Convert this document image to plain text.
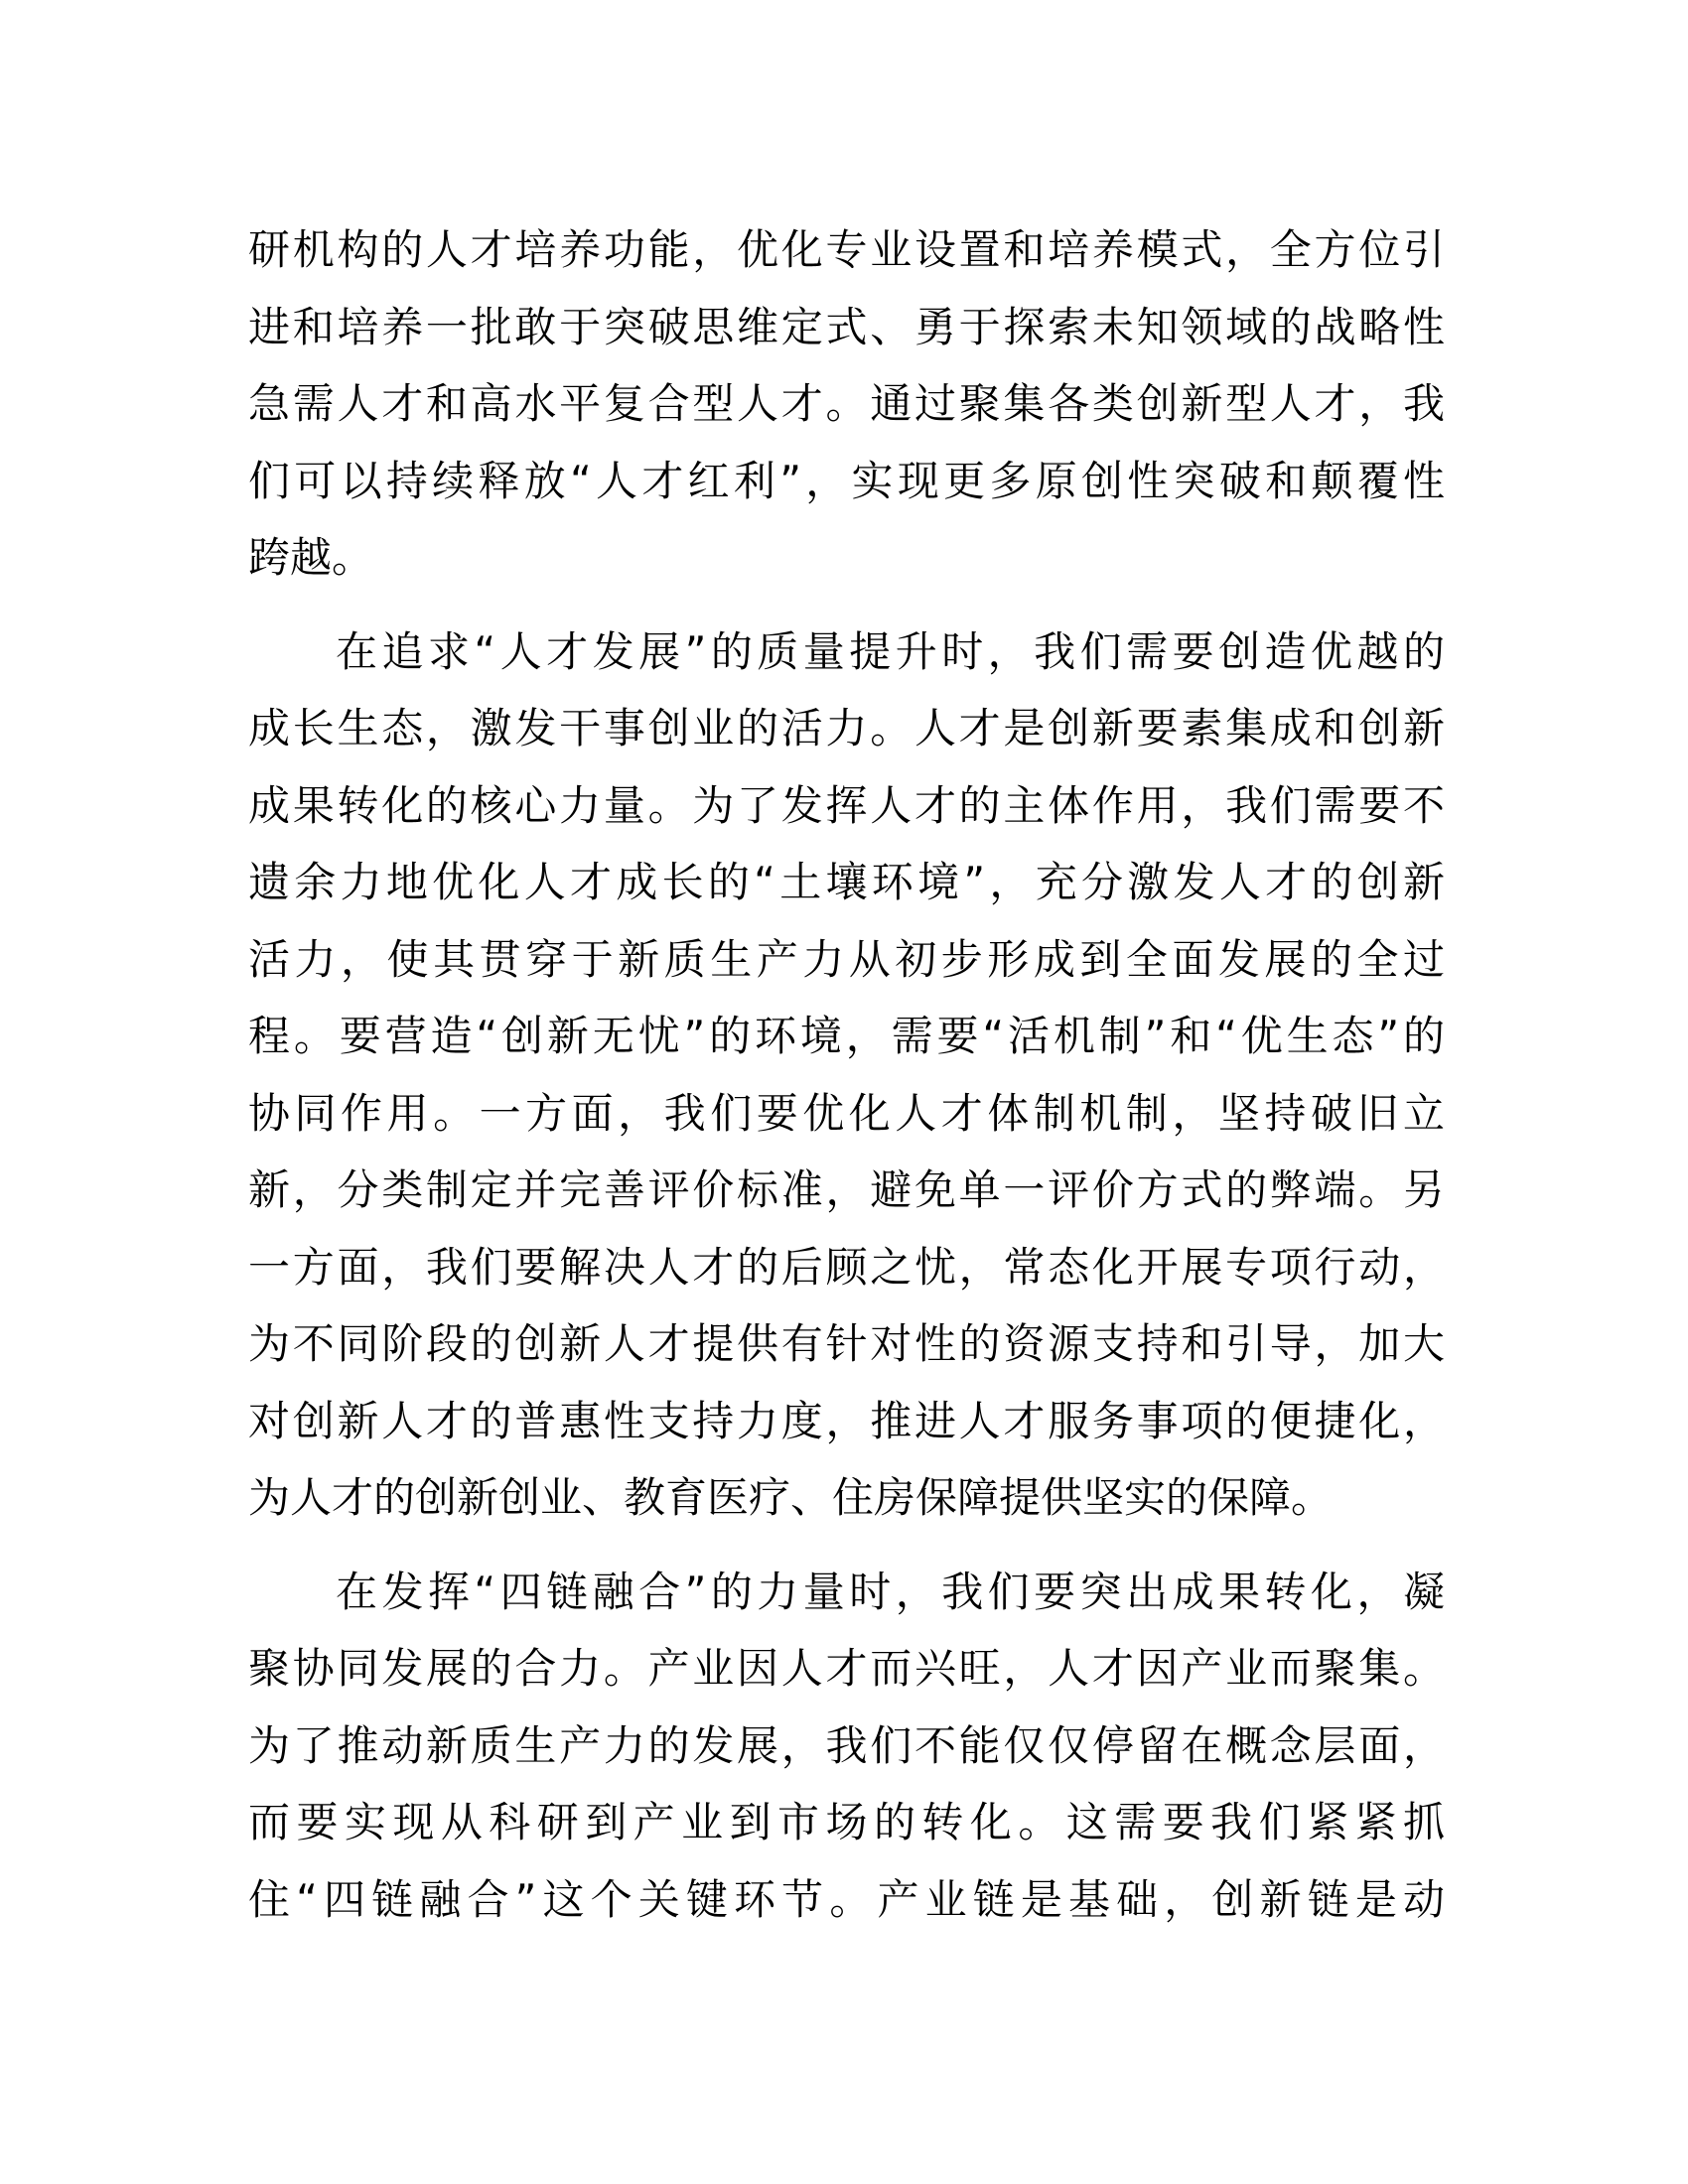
研机构的人才培养功能，优化专业设置和培养模式，全方位引
进和培养一批敢于突破思维定式、勇于探索未知领域的战略性
急需人才和高水平复合型人才。通过聚集各类创新型人才，我
们可以持续释放“人才红利”，实现更多原创性突破和颠覆性
跨越。
在追求“人才发展”的质量提升时，我们需要创造优越的
成长生态，激发干事创业的活力。人才是创新要素集成和创新
成果转化的核心力量。为了发挥人才的主体作用，我们需要不
遗余力地优化人才成长的“土壤环境”，充分激发人才的创新
活力，使其贯穿于新质生产力从初步形成到全面发展的全过
程。要营造“创新无忧”的环境，需要“活机制”和“优生态”的
协同作用。一方面，我们要优化人才体制机制，坚持破旧立
新，分类制定并完善评价标准，避免单一评价方式的弊端。另
一方面，我们要解决人才的后顾之忧，常态化开展专项行动，
为不同阶段的创新人才提供有针对性的资源支持和引导，加大
对创新人才的普惠性支持力度，推进人才服务事项的便捷化，
为人才的创新创业、教育医疗、住房保障提供坚实的保障。
在发挥“四链融合”的力量时，我们要突出成果转化，凝
聚协同发展的合力。产业因人才而兴旺，人才因产业而聚集。
为了推动新质生产力的发展，我们不能仅仅停留在概念层面，
而要实现从科研到产业到市场的转化。这需要我们紧紧抓
住“四链融合”这个关键环节。产业链是基础，创新链是动
